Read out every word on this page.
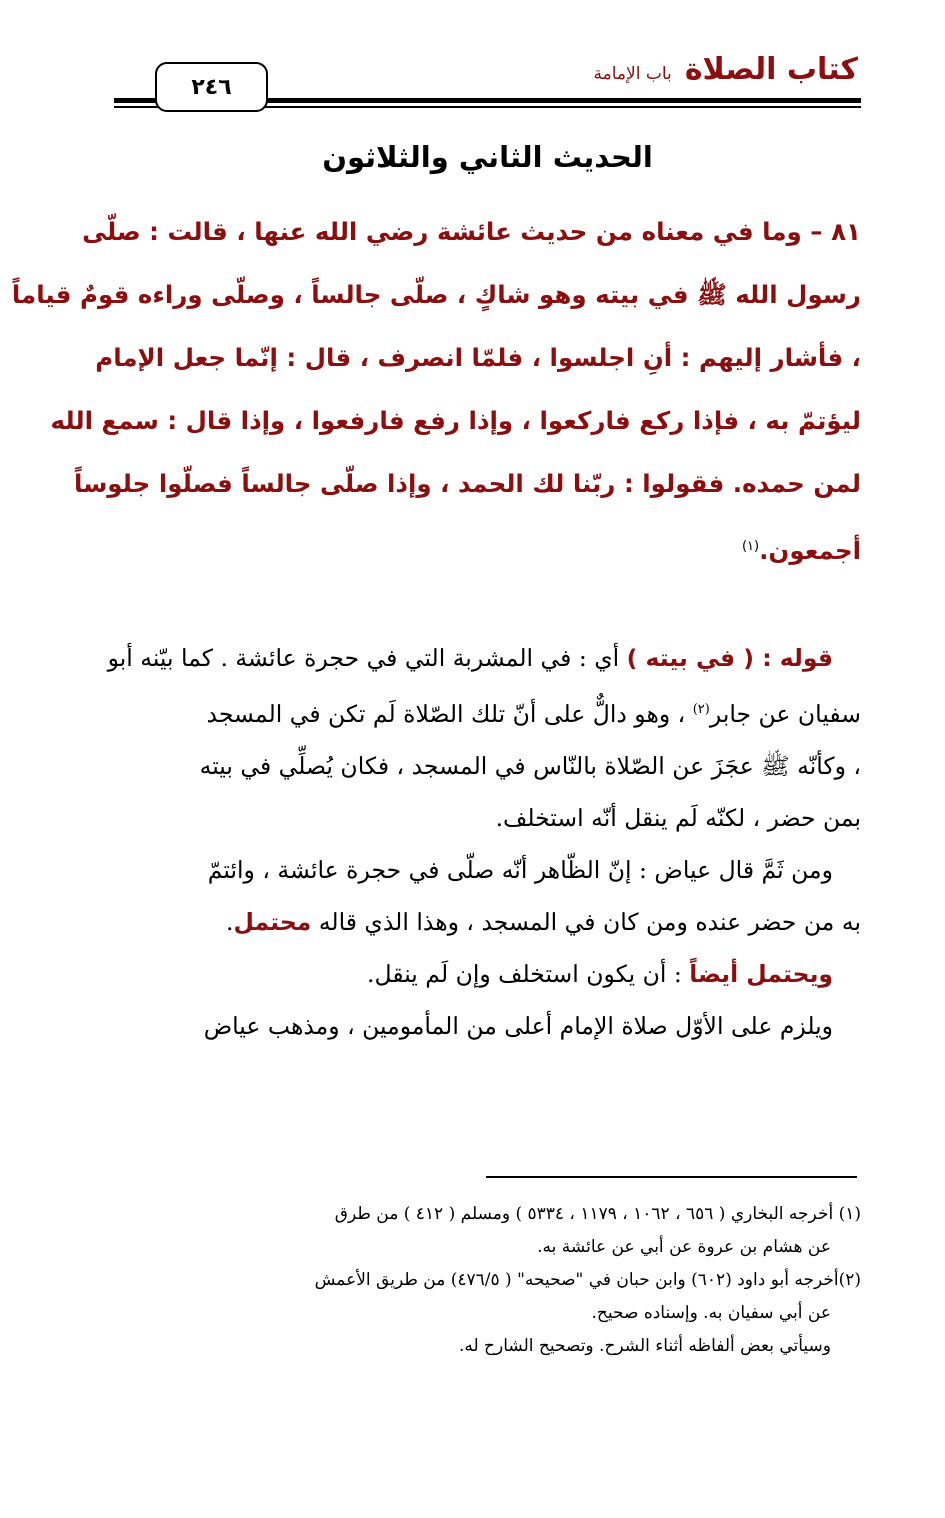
كتاب الصلاة باب الإمامة
٢٤٦
الحديث الثاني والثلاثون
٨١ – وما في معناه من حديث عائشة رضي الله عنها ، قالت : صلّى
رسول الله ﷺ في بيته وهو شاكٍ ، صلّى جالساً ، وصلّى وراءه قومٌ قياماً
، فأشار إليهم : أنِ اجلسوا ، فلمّا انصرف ، قال : إنّما جعل الإمام
ليؤتمّ به ، فإذا ركع فاركعوا ، وإذا رفع فارفعوا ، وإذا قال : سمع الله
لمن حمده. فقولوا : ربّنا لك الحمد ، وإذا صلّى جالساً فصلّوا جلوساً
أجمعون.$^{(١)}$
قوله : ( في بيته ) أي : في المشربة التي في حجرة عائشة . كما بيّنه أبو
سفيان عن جابر$^{(٢)}$ ، وهو دالٌّ على أنّ تلك الصّلاة لَم تكن في المسجد
، وكأنّه ﷺ عجَزَ عن الصّلاة بالنّاس في المسجد ، فكان يُصلِّي في بيته
بمن حضر ، لكنّه لَم ينقل أنّه استخلف.
ومن ثَمَّ قال عياض : إنّ الظّاهر أنّه صلّى في حجرة عائشة ، وائتمّ
به من حضر عنده ومن كان في المسجد ، وهذا الذي قاله محتمل.
ويحتمل أيضاً : أن يكون استخلف وإن لَم ينقل.
ويلزم على الأوّل صلاة الإمام أعلى من المأمومين ، ومذهب عياض
(١) أخرجه البخاري ( ٦٥٦ ، ١٠٦٢ ، ١١٧٩ ، ٥٣٣٤ ) ومسلم ( ٤١٢ ) من طرق
عن هشام بن عروة عن أبي عن عائشة به.
(٢)أخرجه أبو داود (٦٠٢) وابن حبان في "صحيحه" ( ٤٧٦/٥) من طريق الأعمش
عن أبي سفيان به. وإسناده صحيح.
وسيأتي بعض ألفاظه أثناء الشرح. وتصحيح الشارح له.
